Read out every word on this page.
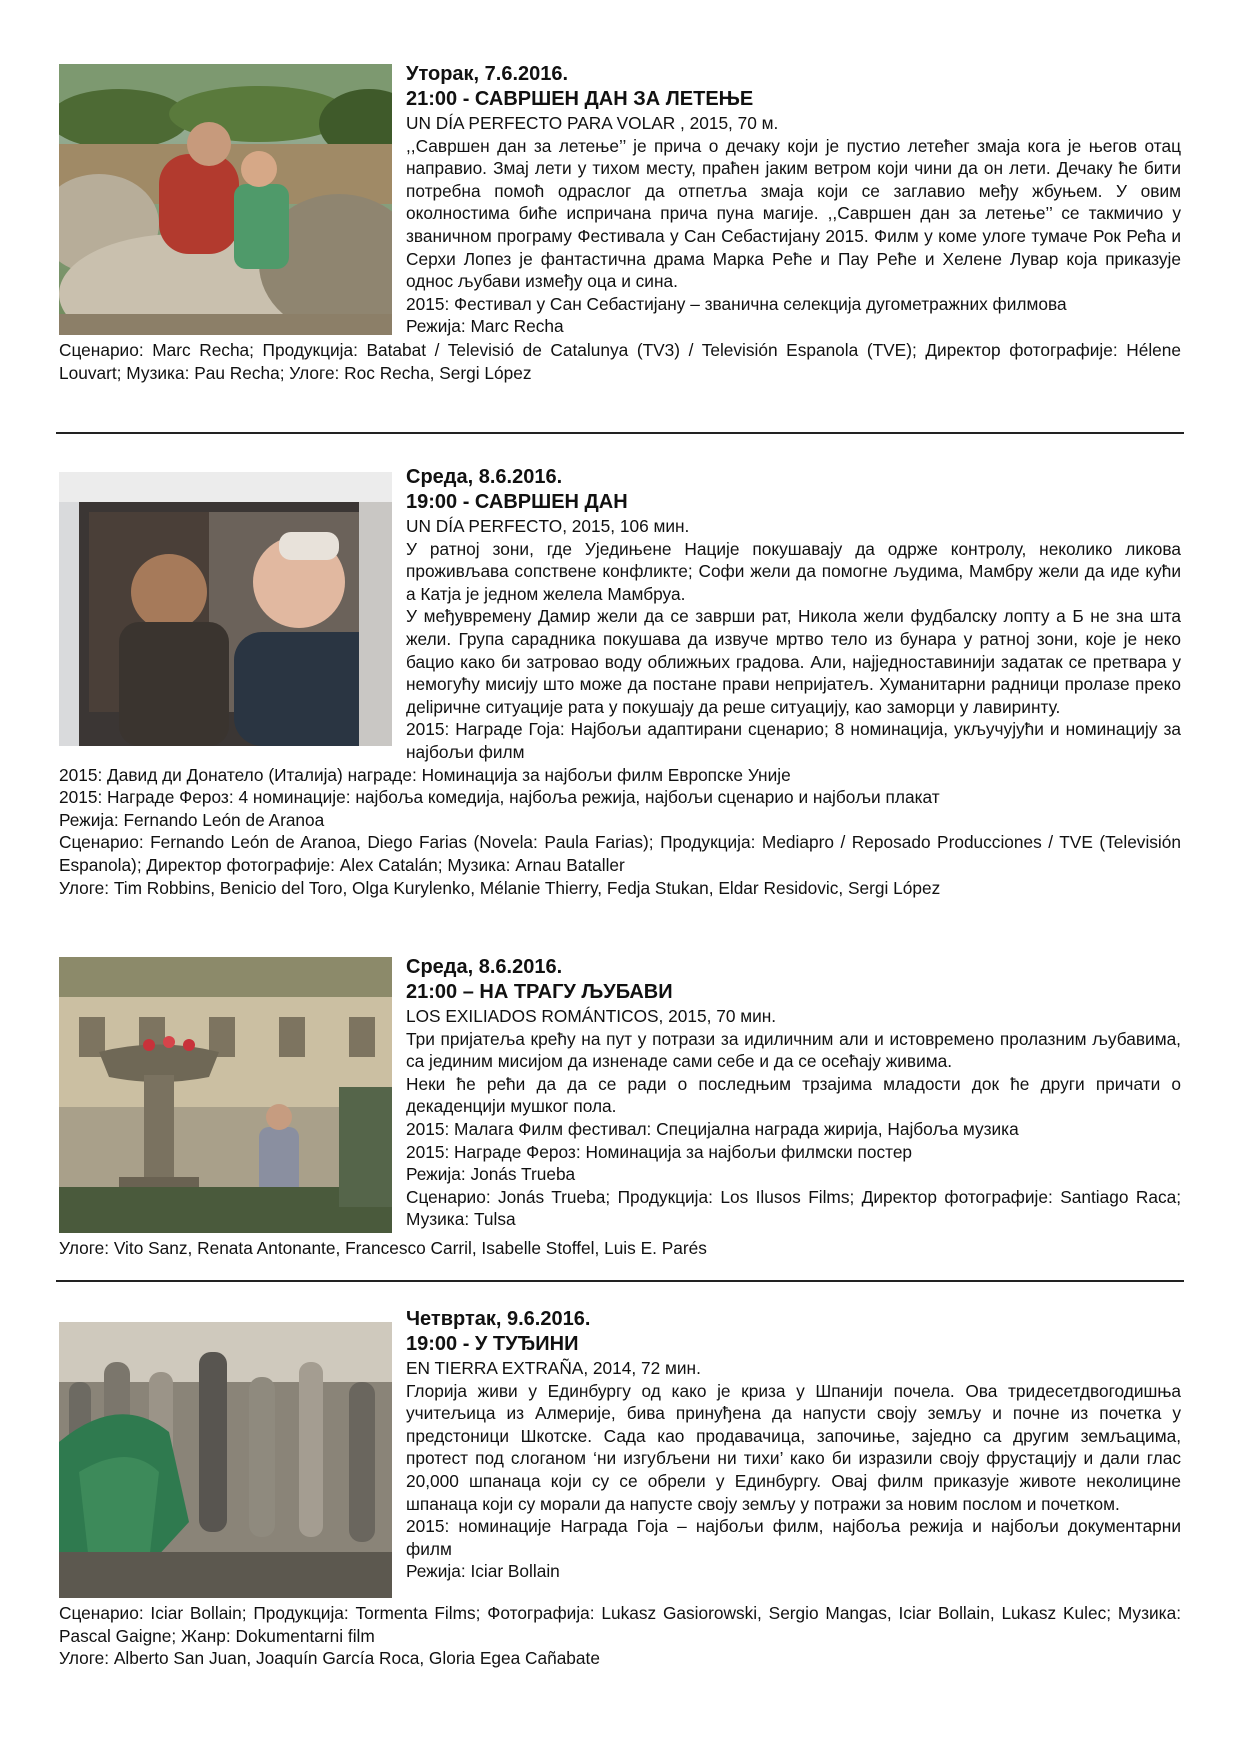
Уторак, 7.6.2016.
21:00 - САВРШЕН ДАН ЗА ЛЕТЕЊЕ

UN DÍA PERFECTO PARA VOLAR , 2015, 70 м.

,,Савршен дан за летење’’ је прича о дечаку који је пустио летећег змаја кога је његов отац направио. Змај лети у тихом месту, праћен јаким ветром који чини да он лети. Дечаку ће бити потребна помоћ одраслог да отпетља змаја који се заглавио међу жбуњем. У овим околностима биће испричана прича пуна магије. ,,Савршен дан за летење’’ се такмичио у званичном програму Фестивала у Сан Себастијану 2015. Филм у коме улоге тумаче Рок Рећа и Серхи Лопез је фантастична драма Марка Рeће и Пау Рeће и Хелене Лувар која приказује однос љубави између оца и сина.

2015: Фестивал у Сан Себастијану – званична селекција дугометражних филмова

Режија: Marc Recha

Сценарио: Marc Recha; Продукција: Batabat / Televisió de Catalunya (TV3) / Televisión Espanola (TVE); Директор фотографије: Hélene Louvart; Музика: Pau Recha; Улоге: Roc Recha, Sergi López

Среда, 8.6.2016.
19:00 - САВРШЕН ДАН

UN DÍA PERFECTO, 2015, 106 мин.

У ратној зони, где Уједињене Нације покушавају да одрже контролу, неколико ликова проживљава сопствене конфликте; Софи жели да помогне људима, Мамбру жели да иде кући а Катја је једном желела Мамбруа.

У међувремену Дамир жели да се заврши рат, Никола жели фудбалску лопту а Б не зна шта жели. Група сарадника покушава да извуче мртво тело из бунара у ратној зони, које је неко бацио како би затровао воду оближњих градова. Али, најједноставинији задатак се претвара у немогућу мисију што може да постане прави непријатељ. Хуманитарни радници пролазе преко деliричне ситуације рата у покушају да реше ситуацију, као заморци у лавиринту.

2015: Награде Гоја: Најбољи адаптирани сценарио; 8 номинација, укључујући и номинацију за најбољи филм

2015: Давид ди Донатело (Италија) награде: Номинација за најбољи филм Европске Уније

2015: Награде Фероз: 4 номинације: најбоља комедија, најбоља режија, најбољи сценарио и најбољи плакат

Режија: Fernando León de Aranoa

Сценарио: Fernando León de Aranoa, Diego Farias (Novela: Paula Farias); Продукција: Mediapro / Reposado Producciones / TVE (Televisión Espanola); Директор фотографије: Alex Catalán; Музика: Arnau Bataller

Улоге: Tim Robbins, Benicio del Toro, Olga Kurylenko, Mélanie Thierry, Fedja Stukan, Eldar Residovic, Sergi López

Среда, 8.6.2016.
21:00 – НА ТРАГУ ЉУБАВИ

LOS EXILIADOS ROMÁNTICOS, 2015, 70 мин.

Три пријатеља крећу на пут у потрази за идиличним али и истовремено пролазним љубавима, са јединим мисијом да изненаде сами себе и да се осећају живима.

Неки ће рећи да да се ради о последњим трзајима младости док ће други причати о декаденцији мушког пола.

2015: Малага Филм фестивал: Специјална награда жирија, Најбоља музика

2015: Награде Фероз: Номинација за најбољи филмски постер

Режија: Jonás Trueba

Сценарио: Jonás Trueba; Продукција: Los Ilusos Films; Директор фотографије: Santiago Raca; Музика: Tulsa

Улоге: Vito Sanz, Renata Antonante, Francesco Carril, Isabelle Stoffel, Luis E. Parés

Четвртак, 9.6.2016.
19:00 - У ТУЂИНИ

EN TIERRA EXTRAÑA, 2014, 72 мин.

Глорија живи у Единбургу од како је криза у Шпанији почела. Ова тридесетдвогодишња учитељица из Алмерије, бива принуђена да напусти своју земљу и почне из почетка у предстоници Шкотске. Сада као продавачица, започиње, заједно са другим земљацима, протест под слоганом ‘ни изгубљени ни тихи’ како би изразили своју фрустацију и дали глас 20,000 шпанаца који су се обрели у Единбургу. Овај филм приказује животе неколицине шпанаца који су морали да напусте своју земљу у потражи за новим послом и почетком.

2015: номинације Награда Гоја – најбољи филм, најбоља режија и најбољи документарни филм

Режија: Iciar Bollain

Сценарио: Iciar Bollain; Продукција: Tormenta Films; Фотографија: Lukasz Gasiorowski, Sergio Mangas, Iciar Bollain, Lukasz Kulec; Музика: Pascal Gaigne; Жанр: Dokumentarni film

Улоге: Alberto San Juan, Joaquín García Roca, Gloria Egea Cañabate
